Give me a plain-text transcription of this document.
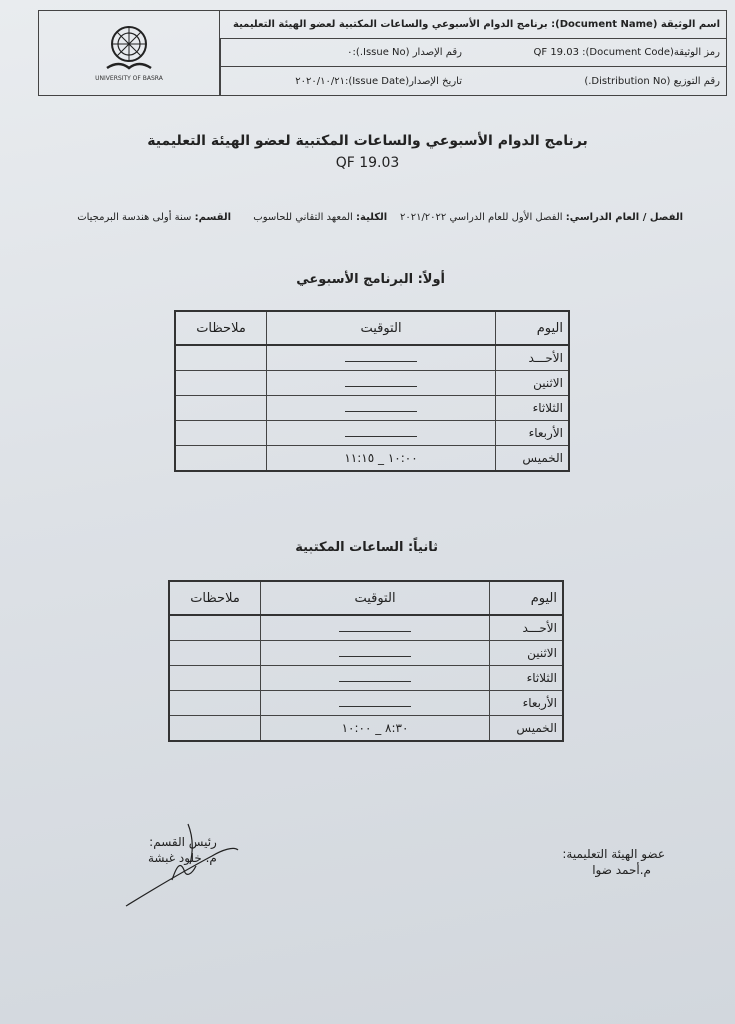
UNIVERSITY OF BASRA
اسم الوثيقة (Document Name): برنامج الدوام الأسبوعي والساعات المكتبية لعضو الهيئة التعليمية
رقم الإصدار (Issue No.):٠	رمز الوثيقة(Document Code): QF 19.03
تاريخ الإصدار(Issue Date):٢٠٢٠/١٠/٢١	رقم التوزيع (Distribution No.)
برنامج الدوام الأسبوعي والساعات المكتبية لعضو الهيئة التعليمية
QF 19.03
الفصل / العام الدراسي: الفصل الأول للعام الدراسي ٢٠٢١/٢٠٢٢    الكلية: المعهد التقاني للحاسوب       القسم: سنة أولى هندسة البرمجيات
أولاً: البرنامج الأسبوعي
اليوم	التوقيت	ملاحظات
الأحـــد		
الاثنين		
الثلاثاء		
الأربعاء		
الخميس	١٠:٠٠ _ ١١:١٥	
ثانياً: الساعات المكتبية
اليوم	التوقيت	ملاحظات
الأحـــد		
الاثنين		
الثلاثاء		
الأربعاء		
الخميس	٨:٣٠ _ ١٠:٠٠	
عضو الهيئة التعليمية:
م.أحمد ضوا
رئيس القسم:
م. خلود غبشة
